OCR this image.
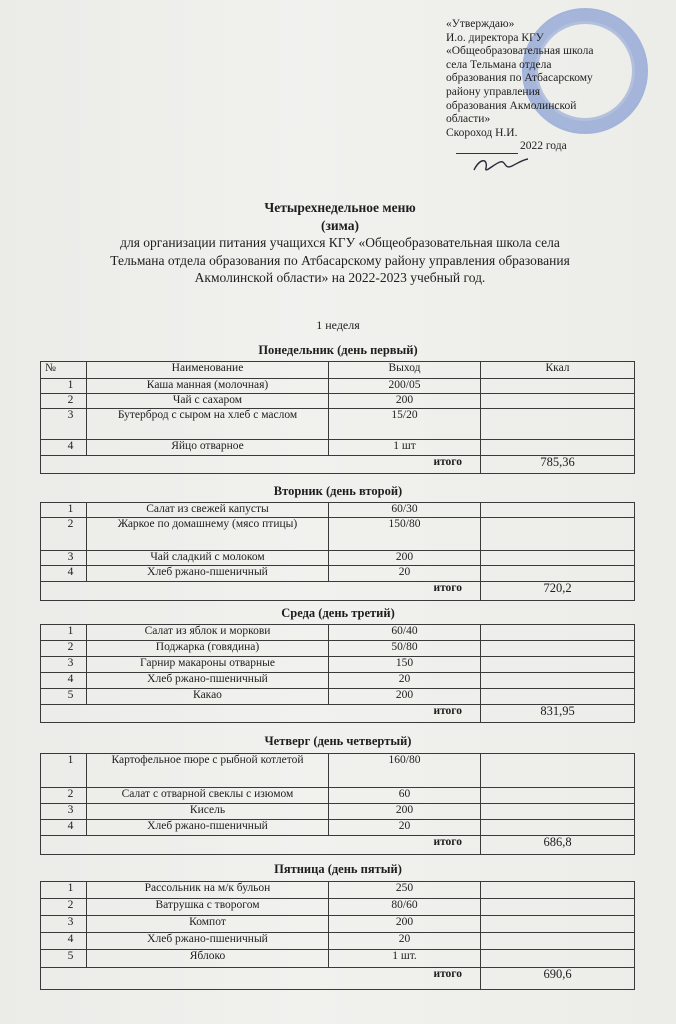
«Утверждаю»
И.о. директора КГУ
«Общеобразовательная школа
села Тельмана отдела
образования по Атбасарскому
району управления
образования Акмолинской
области»
Скороход Н.И.
2022 года
Четырехнедельное меню
(зима)
для организации питания учащихся КГУ «Общеобразовательная школа села
Тельмана отдела образования по Атбасарскому району управления образования
Акмолинской области» на 2022-2023 учебный год.
1 неделя
Понедельник (день первый)
№	Наименование	Выход	Ккал
1	Каша манная (молочная)	200/05	
2	Чай с сахаром	200	
3	Бутерброд с сыром на хлеб с маслом	15/20	
4	Яйцо отварное	1 шт	
итого			785,36
Вторник (день второй)
1	Салат из свежей капусты	60/30	
2	Жаркое по домашнему (мясо птицы)	150/80	
3	Чай сладкий с молоком	200	
4	Хлеб ржано-пшеничный	20	
итого			720,2
Среда (день третий)
1	Салат из яблок и моркови	60/40	
2	Поджарка (говядина)	50/80	
3	Гарнир макароны отварные	150	
4	Хлеб ржано-пшеничный	20	
5	Какао	200	
итого			831,95
Четверг (день четвертый)
1	Картофельное пюре с рыбной котлетой	160/80	
2	Салат с отварной свеклы с изюмом	60	
3	Кисель	200	
4	Хлеб ржано-пшеничный	20	
итого			686,8
Пятница (день пятый)
1	Рассольник на м/к бульон	250	
2	Ватрушка с творогом	80/60	
3	Компот	200	
4	Хлеб ржано-пшеничный	20	
5	Яблоко	1 шт.	
итого			690,6
